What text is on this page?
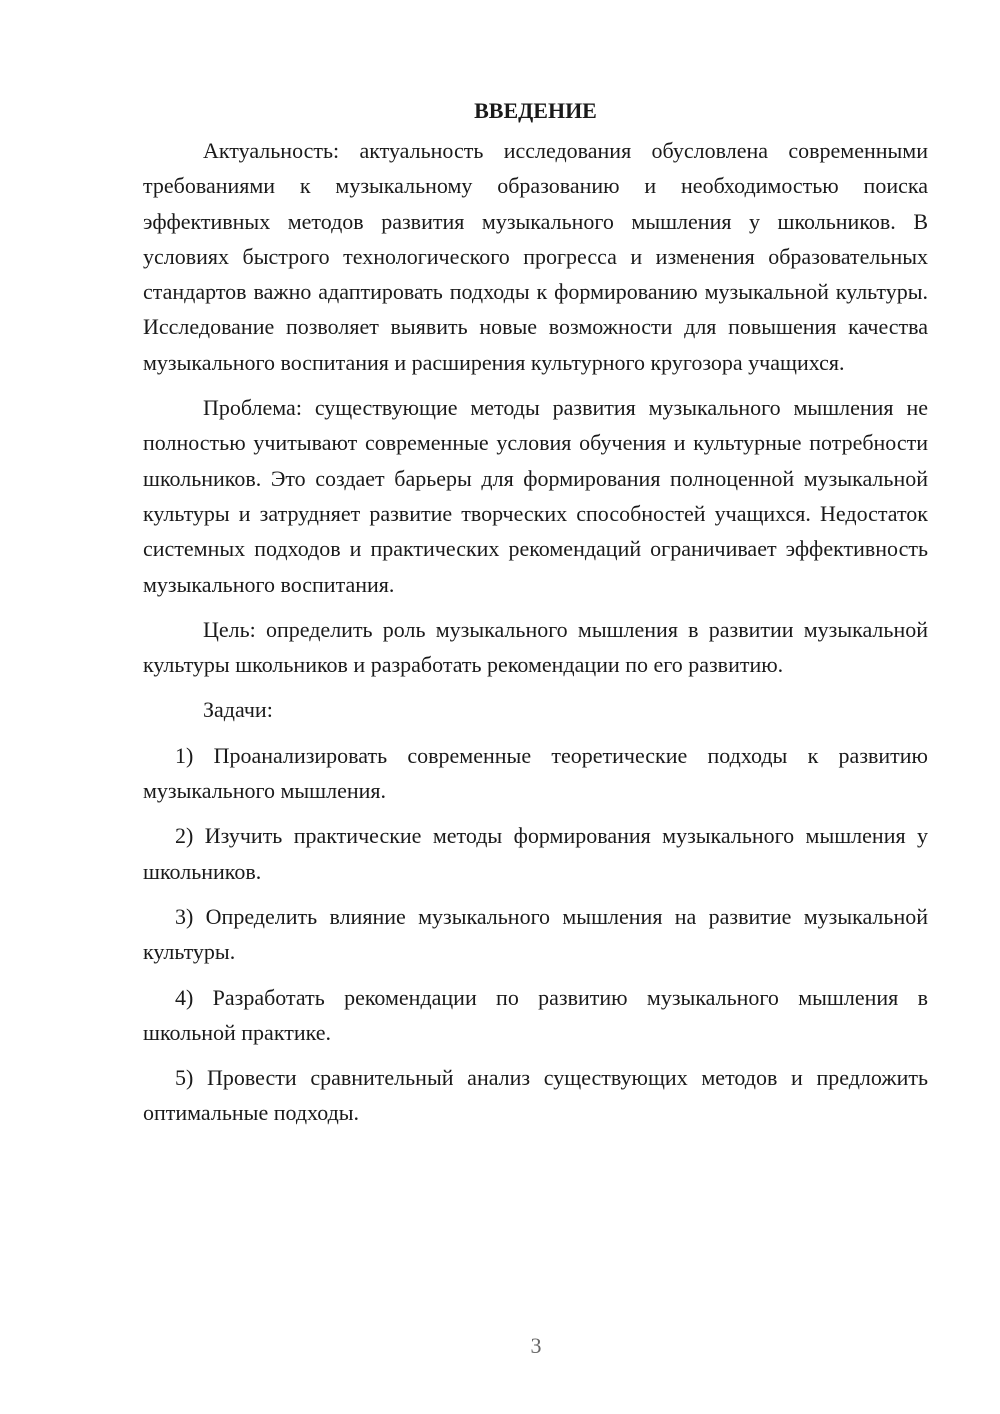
ВВЕДЕНИЕ

Актуальность: актуальность исследования обусловлена современными требованиями к музыкальному образованию и необходимостью поиска эффективных методов развития музыкального мышления у школьников. В условиях быстрого технологического прогресса и изменения образовательных стандартов важно адаптировать подходы к формированию музыкальной культуры. Исследование позволяет выявить новые возможности для повышения качества музыкального воспитания и расширения культурного кругозора учащихся.

Проблема: существующие методы развития музыкального мышления не полностью учитывают современные условия обучения и культурные потребности школьников. Это создает барьеры для формирования полноценной музыкальной культуры и затрудняет развитие творческих способностей учащихся. Недостаток системных подходов и практических рекомендаций ограничивает эффективность музыкального воспитания.

Цель: определить роль музыкального мышления в развитии музыкальной культуры школьников и разработать рекомендации по его развитию.

Задачи:

1) Проанализировать современные теоретические подходы к развитию музыкального мышления.

2) Изучить практические методы формирования музыкального мышления у школьников.

3) Определить влияние музыкального мышления на развитие музыкальной культуры.

4) Разработать рекомендации по развитию музыкального мышления в школьной практике.

5) Провести сравнительный анализ существующих методов и предложить оптимальные подходы.

3
